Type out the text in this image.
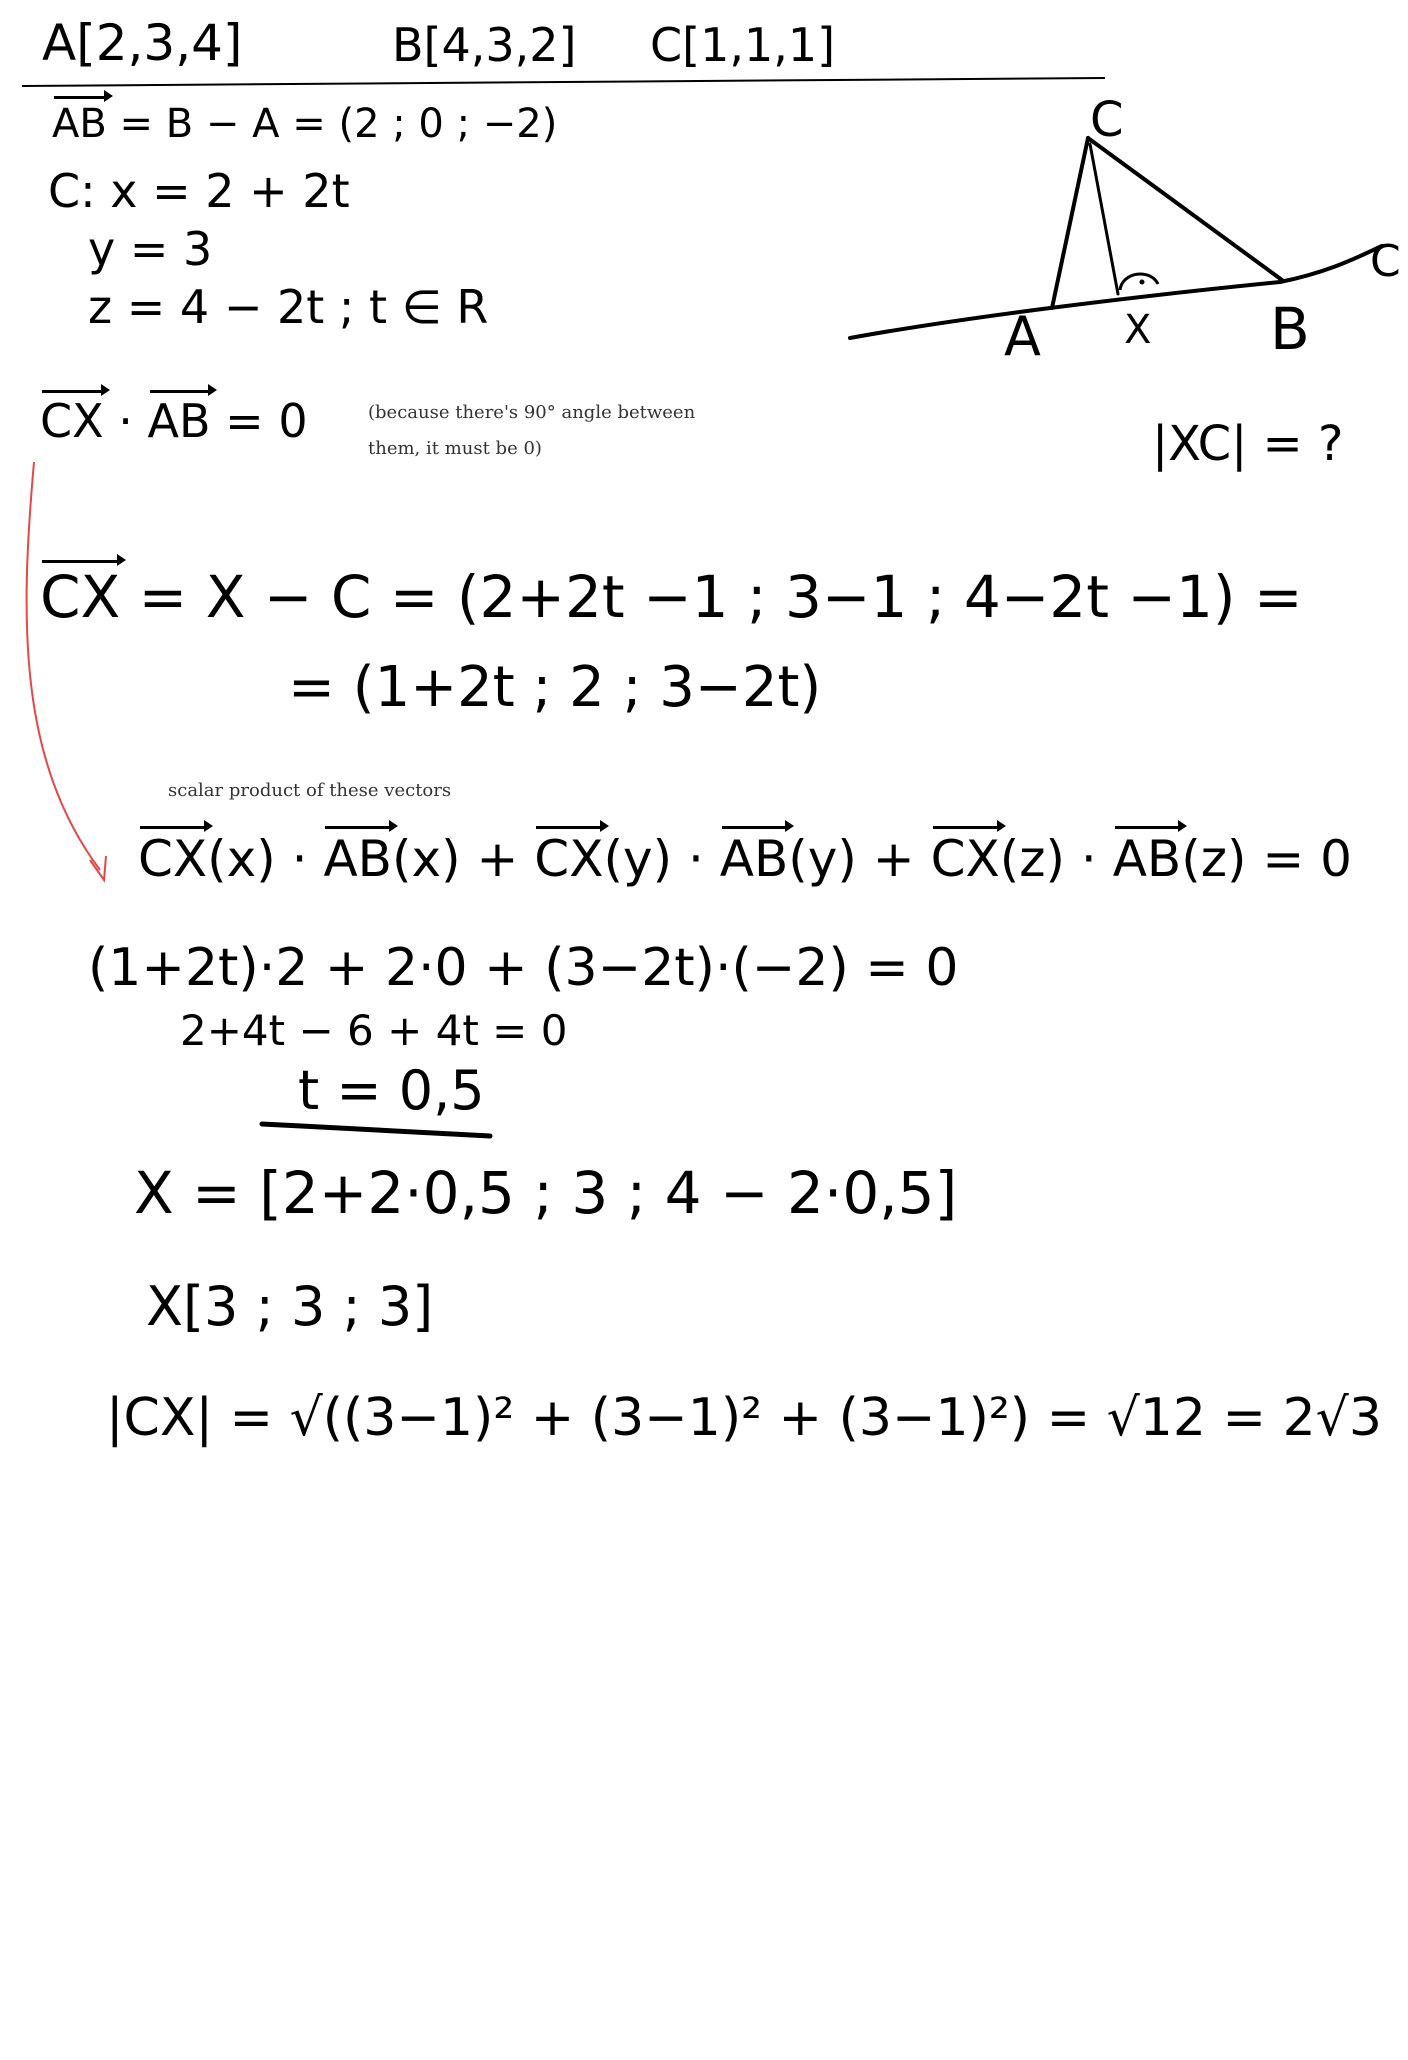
A[2,3,4]	B[4,3,2] C[1,1,1]
AB = B − A = (2 ; 0 ; −2)
C: x = 2 + 2t
y = 3
z = 4 − 2t ; t ∈ R
CX · AB = 0	(because there's 90° angle between
them, it must be 0)
C
C
A X B
|XC| = ?
CX = X − C = (2+2t −1 ; 3−1 ; 4−2t −1) =
= (1+2t ; 2 ; 3−2t)
scalar product of these vectors
CX(x) · AB(x) + CX(y) · AB(y) + CX(z) · AB(z) = 0
(1+2t)·2 + 2·0 + (3−2t)·(−2) = 0
2+4t − 6 + 4t = 0
t = 0,5
X = [2+2·0,5 ; 3 ; 4 − 2·0,5]
X[3 ; 3 ; 3]
|CX| = √((3−1)² + (3−1)² + (3−1)²) = √12 = 2√3
